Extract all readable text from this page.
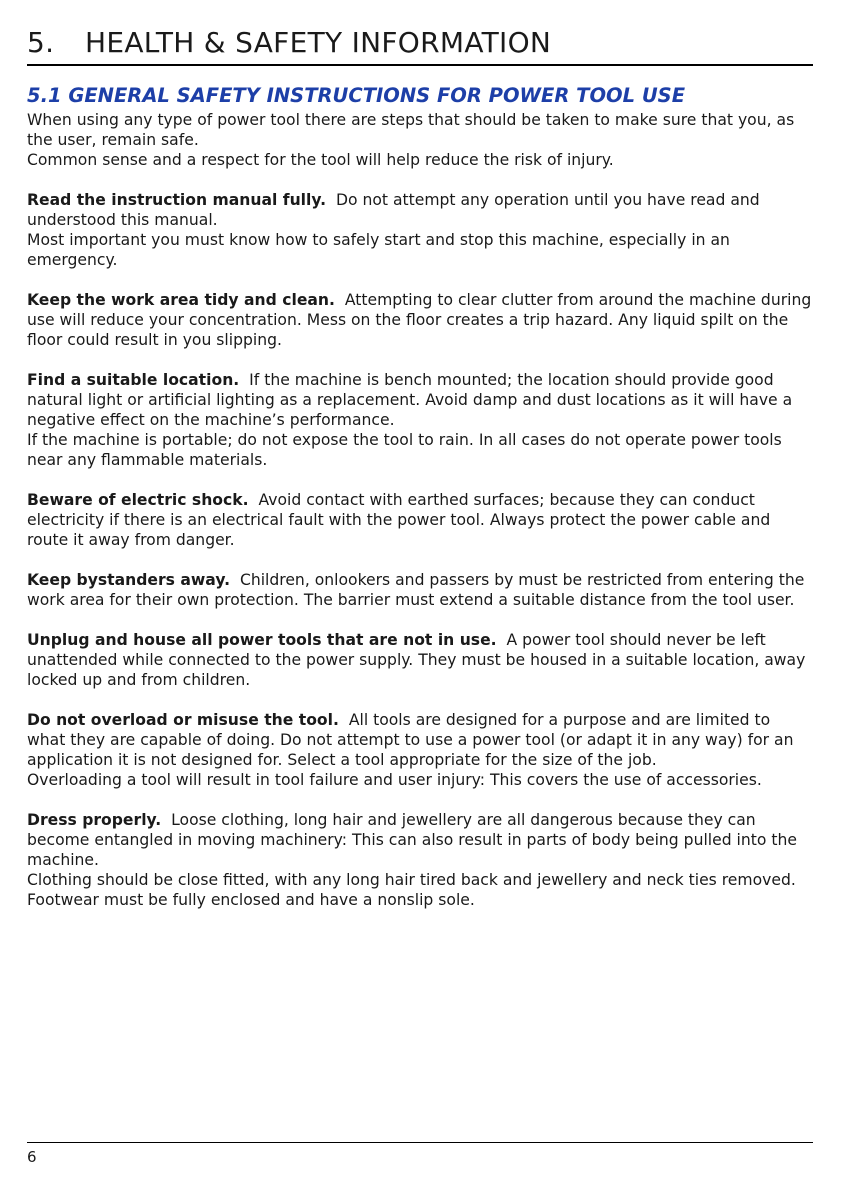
5. HEALTH & SAFETY INFORMATION
5.1 GENERAL SAFETY INSTRUCTIONS FOR POWER TOOL USE

When using any type of power tool there are steps that should be taken to make sure that you, as the user, remain safe.
Common sense and a respect for the tool will help reduce the risk of injury.

Read the instruction manual fully. Do not attempt any operation until you have read and understood this manual.
Most important you must know how to safely start and stop this machine, especially in an emergency.

Keep the work area tidy and clean. Attempting to clear clutter from around the machine during use will reduce your concentration. Mess on the floor creates a trip hazard. Any liquid spilt on the floor could result in you slipping.

Find a suitable location. If the machine is bench mounted; the location should provide good natural light or artificial lighting as a replacement. Avoid damp and dust locations as it will have a negative effect on the machine’s performance.
If the machine is portable; do not expose the tool to rain. In all cases do not operate power tools near any flammable materials.

Beware of electric shock. Avoid contact with earthed surfaces; because they can conduct electricity if there is an electrical fault with the power tool. Always protect the power cable and route it away from danger.

Keep bystanders away. Children, onlookers and passers by must be restricted from entering the work area for their own protection. The barrier must extend a suitable distance from the tool user.

Unplug and house all power tools that are not in use. A power tool should never be left unattended while connected to the power supply. They must be housed in a suitable location, away locked up and from children.

Do not overload or misuse the tool. All tools are designed for a purpose and are limited to what they are capable of doing. Do not attempt to use a power tool (or adapt it in any way) for an application it is not designed for. Select a tool appropriate for the size of the job.
Overloading a tool will result in tool failure and user injury: This covers the use of accessories.

Dress properly. Loose clothing, long hair and jewellery are all dangerous because they can become entangled in moving machinery: This can also result in parts of body being pulled into the machine.
Clothing should be close fitted, with any long hair tired back and jewellery and neck ties removed. Footwear must be fully enclosed and have a nonslip sole.

6
